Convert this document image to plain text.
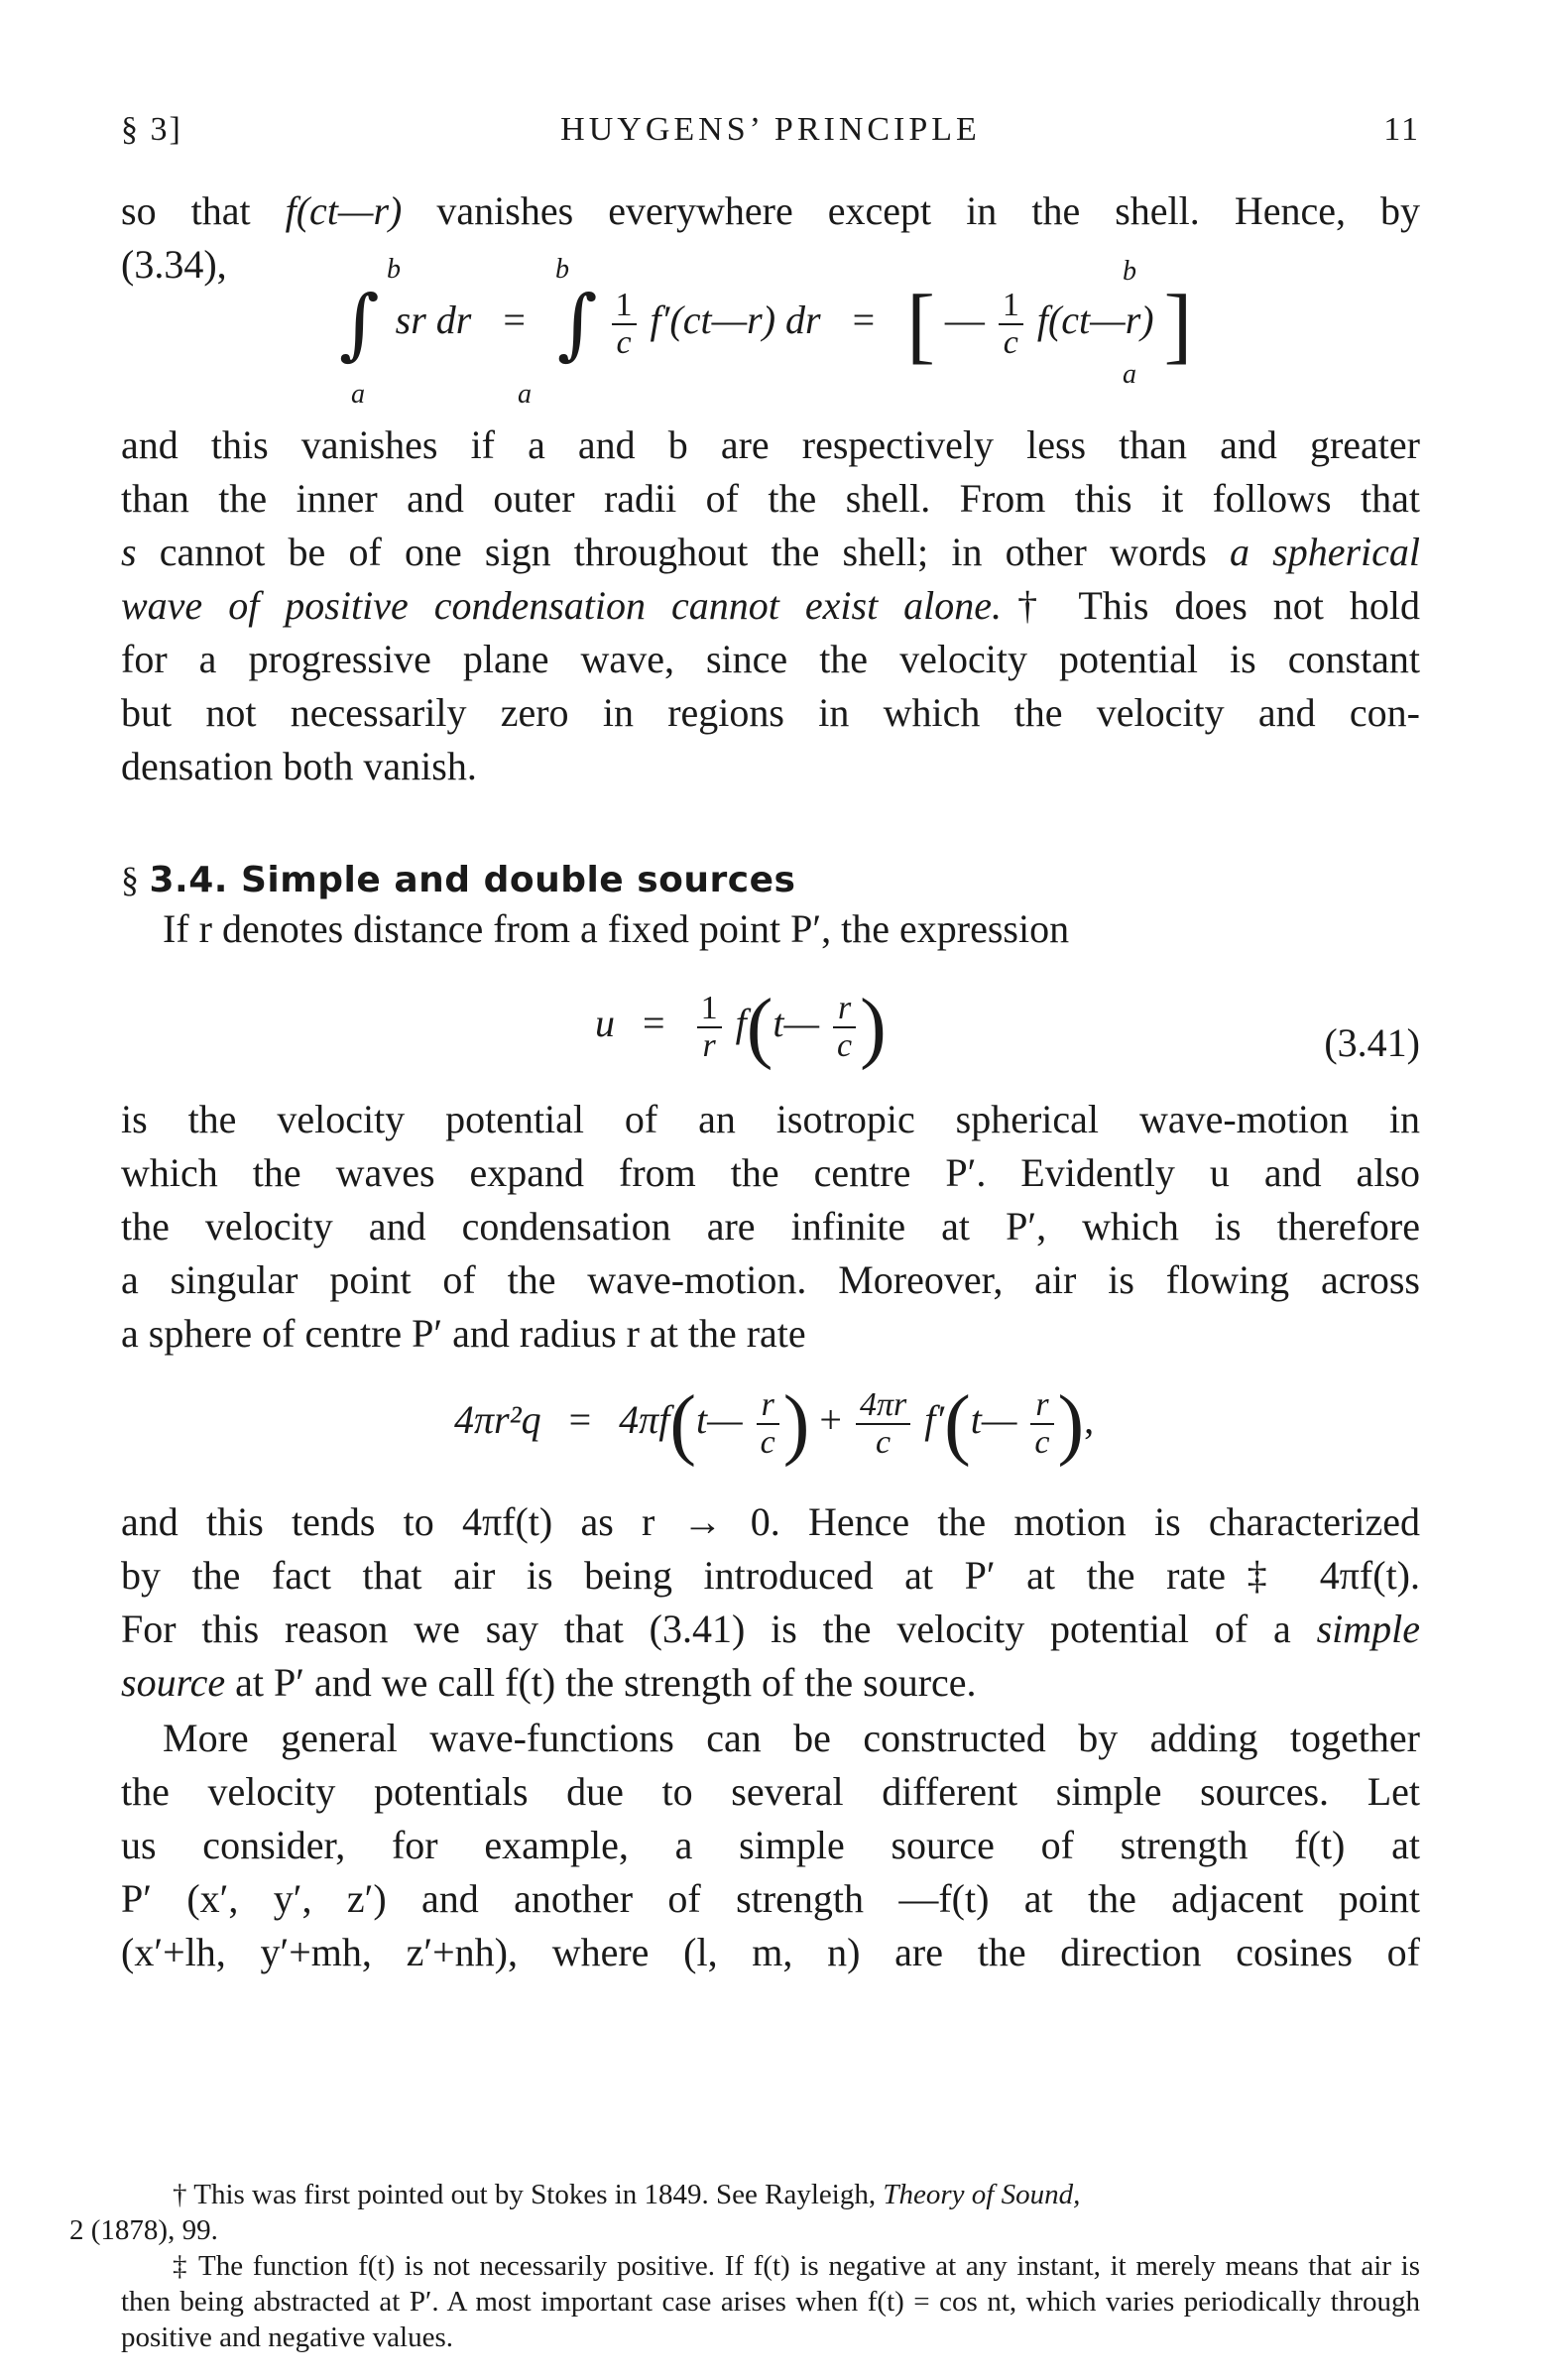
§ 3]	HUYGENS’ PRINCIPLE	11

so that f(ct—r) vanishes everywhere except in the shell. Hence, by

(3.34),	b
a
b
a
b
a
∫ sr dr = ∫ $\frac{1}{c}$ f′(ct—r) dr = [ — $\frac{1}{c}$ f(ct—r) ]

and this vanishes if a and b are respectively less than and greater

than the inner and outer radii of the shell. From this it follows that

s cannot be of one sign throughout the shell; in other words a spherical

wave of positive condensation cannot exist alone.† This does not hold

for a progressive plane wave, since the velocity potential is constant

but not necessarily zero in regions in which the velocity and con-

densation both vanish.

§ 3.4. Simple and double sources

If r denotes distance from a fixed point P′, the expression

$u = \frac{1}{r}$ f(t— $\frac{r}{c}$ )	(3.41)

is the velocity potential of an isotropic spherical wave-motion in

which the waves expand from the centre P′. Evidently u and also

the velocity and condensation are infinite at P′, which is therefore

a singular point of the wave-motion. Moreover, air is flowing across

a sphere of centre P′ and radius r at the rate

4πr²q = 4πf(t— $\frac{r}{c}$ ) + $\frac{4\pi r}{c}$ f′(t— $\frac{r}{c}$ ),

and this tends to 4πf(t) as r → 0. Hence the motion is characterized

by the fact that air is being introduced at P′ at the rate‡ 4πf(t).

For this reason we say that (3.41) is the velocity potential of a simple

source at P′ and we call f(t) the strength of the source.

More general wave-functions can be constructed by adding together

the velocity potentials due to several different simple sources. Let

us consider, for example, a simple source of strength f(t) at

P′ (x′, y′, z′) and another of strength —f(t) at the adjacent point

(x′+lh, y′+mh, z′+nh), where (l, m, n) are the direction cosines of

† This was first pointed out by Stokes in 1849. See Rayleigh, Theory of Sound,
2 (1878), 99.

‡ The function f(t) is not necessarily positive. If f(t) is negative at any instant, it merely means that air is then being abstracted at P′. A most important case arises when f(t) = cos nt, which varies periodically through positive and negative values.
